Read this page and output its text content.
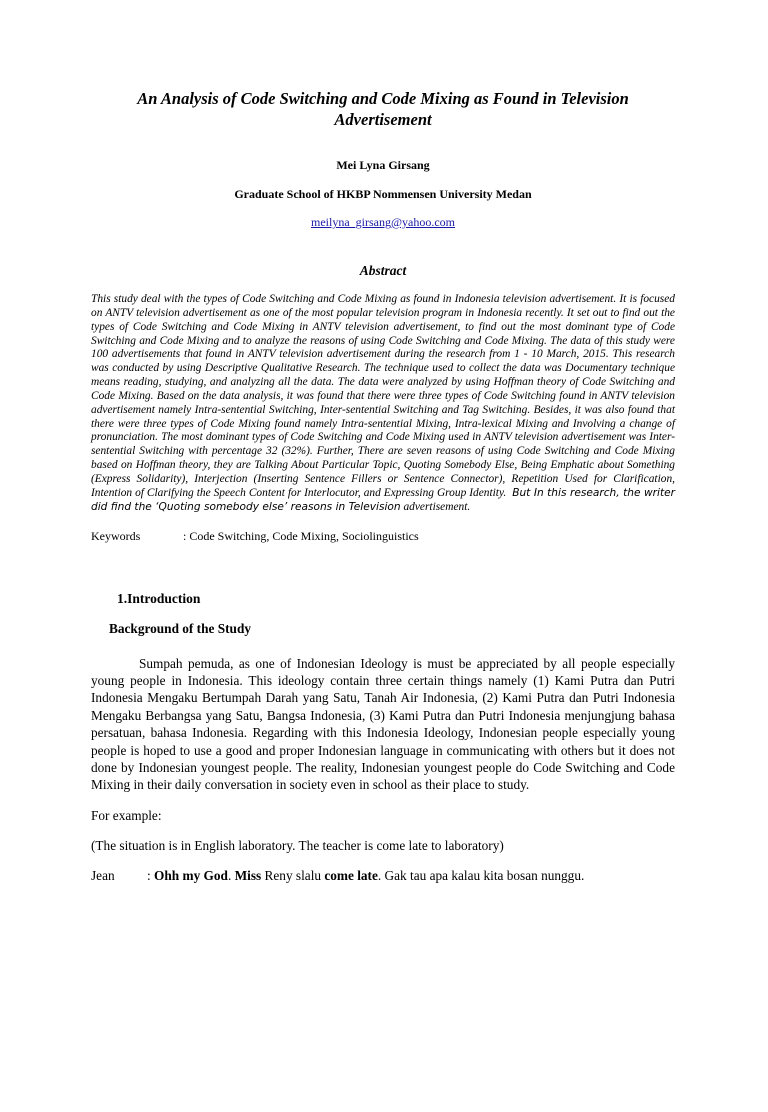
An Analysis of Code Switching and Code Mixing as Found in Television Advertisement
Mei Lyna Girsang
Graduate School of HKBP Nommensen University Medan
meilyna_girsang@yahoo.com
Abstract

This study deal with the types of Code Switching and Code Mixing as found in Indonesia television advertisement. It is focused on ANTV television advertisement as one of the most popular television program in Indonesia recently. It set out to find out the types of Code Switching and Code Mixing in ANTV television advertisement, to find out the most dominant type of Code Switching and Code Mixing and to analyze the reasons of using Code Switching and Code Mixing. The data of this study were 100 advertisements that found in ANTV television advertisement during the research from 1 - 10 March, 2015. This research was conducted by using Descriptive Qualitative Research. The technique used to collect the data was Documentary technique means reading, studying, and analyzing all the data. The data were analyzed by using Hoffman theory of Code Switching and Code Mixing. Based on the data analysis, it was found that there were three types of Code Switching found in ANTV television advertisement namely Intra-sentential Switching, Inter-sentential Switching and Tag Switching. Besides, it was also found that there were three types of Code Mixing found namely Intra-sentential Mixing, Intra-lexical Mixing and Involving a change of pronunciation. The most dominant types of Code Switching and Code Mixing used in ANTV television advertisement was Inter-sentential Switching with percentage 32 (32%). Further, There are seven reasons of using Code Switching and Code Mixing based on Hoffman theory, they are Talking About Particular Topic, Quoting Somebody Else, Being Emphatic about Something (Express Solidarity), Interjection (Inserting Sentence Fillers or Sentence Connector), Repetition Used for Clarification, Intention of Clarifying the Speech Content for Interlocutor, and Expressing Group Identity. But In this research, the writer did find the ‘Quoting somebody else’ reasons in Television advertisement.

Keywords	: Code Switching, Code Mixing, Sociolinguistics
1.Introduction
Background of the Study

Sumpah pemuda, as one of Indonesian Ideology is must be appreciated by all people especially young people in Indonesia. This ideology contain three certain things namely (1) Kami Putra dan Putri Indonesia Mengaku Bertumpah Darah yang Satu, Tanah Air Indonesia, (2) Kami Putra dan Putri Indonesia Mengaku Berbangsa yang Satu, Bangsa Indonesia, (3) Kami Putra dan Putri Indonesia menjungjung bahasa persatuan, bahasa Indonesia. Regarding with this Indonesia Ideology, Indonesian people especially young people is hoped to use a good and proper Indonesian language in communicating with others but it does not done by Indonesian youngest people. The reality, Indonesian youngest people do Code Switching and Code Mixing in their daily conversation in society even in school as their place to study.

For example:

(The situation is in English laboratory. The teacher is come late to laboratory)

Jean	: Ohh my God. Miss Reny slalu come late. Gak tau apa kalau kita bosan nunggu.
